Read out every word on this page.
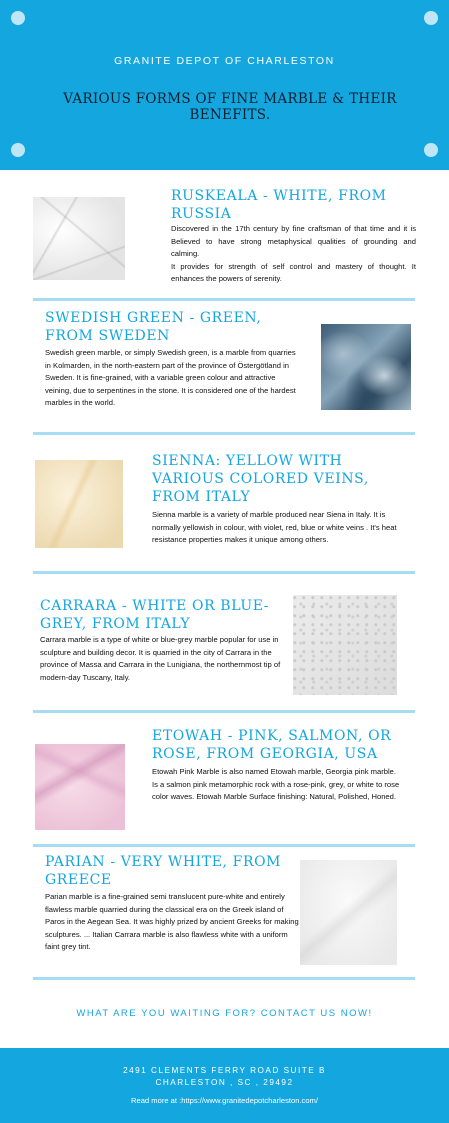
GRANITE DEPOT OF CHARLESTON
VARIOUS FORMS OF FINE MARBLE & THEIR BENEFITS.
RUSKEALA - WHITE, FROM RUSSIA
Discovered in the 17th century by fine craftsman of that time and it is Believed to have strong metaphysical qualities of grounding and calming.
It provides for strength of self control and mastery of thought. It enhances the powers of serenity.
SWEDISH GREEN - GREEN, FROM SWEDEN
Swedish green marble, or simply Swedish green, is a marble from quarries in Kolmarden, in the north-eastern part of the province of Östergötland in Sweden. It is fine-grained, with a variable green colour and attractive veining, due to serpentines in the stone. It is considered one of the hardest marbles in the world.
SIENNA: YELLOW WITH VARIOUS COLORED VEINS, FROM ITALY
Sienna marble is a variety of marble produced near Siena in Italy. It is normally yellowish in colour, with violet, red, blue or white veins . It's heat resistance properties makes it unique among others.
CARRARA - WHITE OR BLUE-GREY, FROM ITALY
Carrara marble is a type of white or blue-grey marble popular for use in sculpture and building decor. It is quarried in the city of Carrara in the province of Massa and Carrara in the Lunigiana, the northernmost tip of modern-day Tuscany, Italy.
ETOWAH - PINK, SALMON, OR ROSE, FROM GEORGIA, USA
Etowah Pink Marble is also named Etowah marble, Georgia pink marble. Is a salmon pink metamorphic rock with a rose-pink, grey, or white to rose color waves. Etowah Marble Surface finishing: Natural, Polished, Honed.
PARIAN - VERY WHITE, FROM GREECE
Parian marble is a fine-grained semi translucent pure-white and entirely flawless marble quarried during the classical era on the Greek island of Paros in the Aegean Sea. It was highly prized by ancient Greeks for making sculptures. ... Italian Carrara marble is also flawless white with a uniform faint grey tint.
WHAT ARE YOU WAITING FOR? CONTACT US NOW!
2491 CLEMENTS FERRY ROAD SUITE B
CHARLESTON , SC , 29492
Read more at :https://www.granitedepotcharleston.com/
